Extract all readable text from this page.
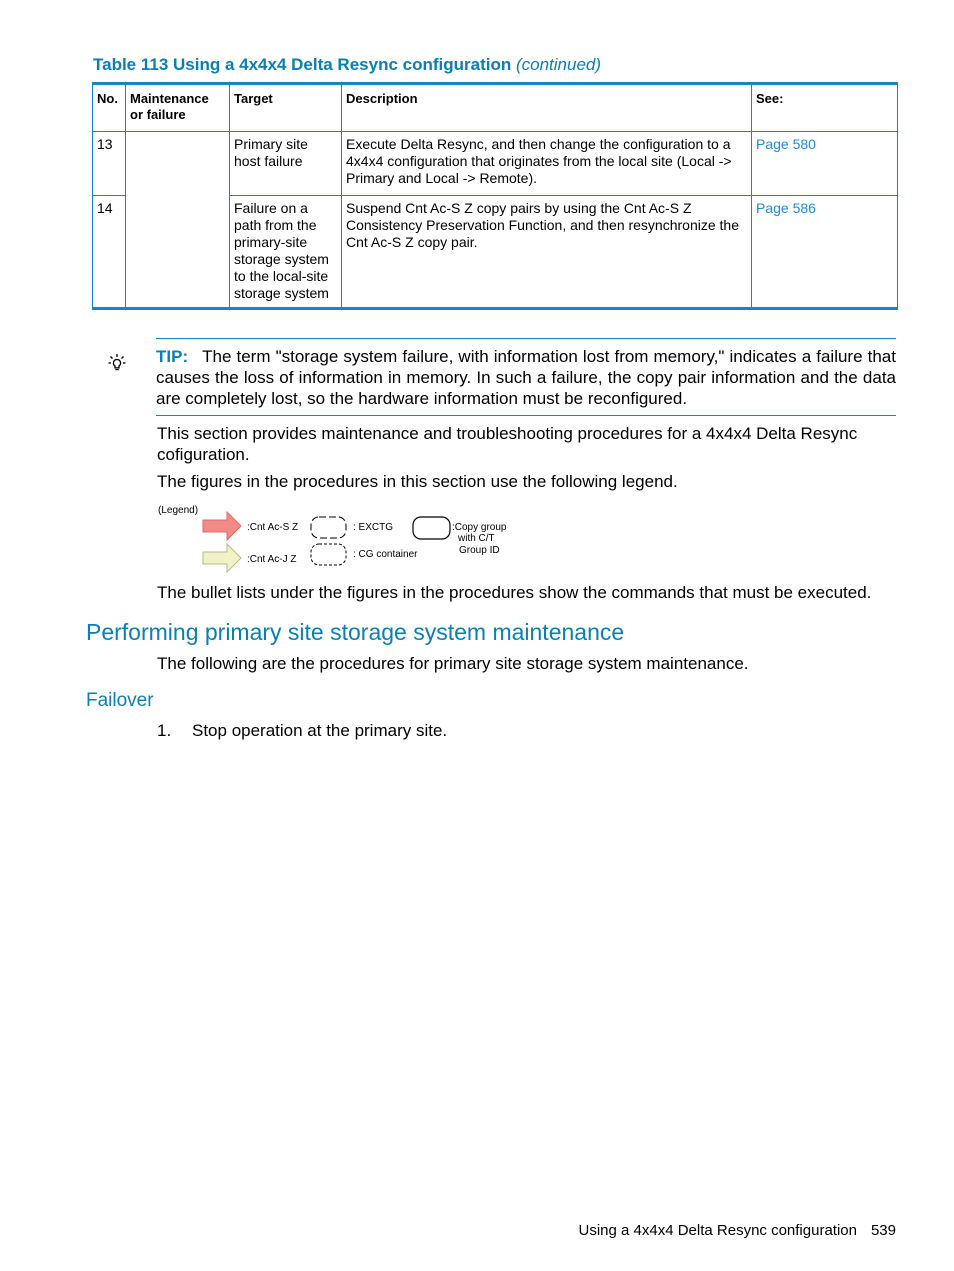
Table 113 Using a 4x4x4 Delta Resync configuration (continued)
No.	Maintenance or failure	Target	Description	See:
13		Primary site host failure	Execute Delta Resync, and then change the configuration to a 4x4x4 configuration that originates from the local site (Local -> Primary and Local -> Remote).	Page 580
14		Failure on a path from the primary-site storage system to the local-site storage system	Suspend Cnt Ac-S Z copy pairs by using the Cnt Ac-S Z Consistency Preservation Function, and then resynchronize the Cnt Ac-S Z copy pair.	Page 586
TIP: The term "storage system failure, with information lost from memory," indicates a failure that causes the loss of information in memory. In such a failure, the copy pair information and the data are completely lost, so the hardware information must be reconfigured.
This section provides maintenance and troubleshooting procedures for a 4x4x4 Delta Resync cofiguration.
The figures in the procedures in this section use the following legend.
(Legend)
:Cnt Ac-S Z
:Cnt Ac-J Z
: EXCTG
: CG container
:Copy group
with C/T
Group ID
The bullet lists under the figures in the procedures show the commands that must be executed.
Performing primary site storage system maintenance
The following are the procedures for primary site storage system maintenance.
Failover
1. Stop operation at the primary site.
Using a 4x4x4 Delta Resync configuration 539
